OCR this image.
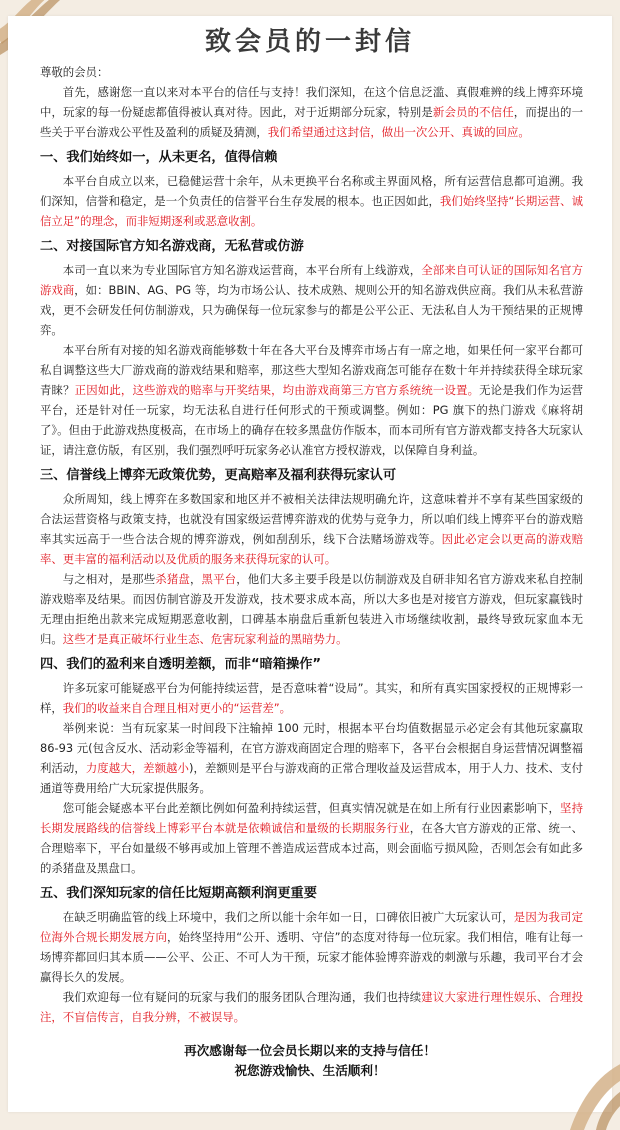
致会员的一封信

尊敬的会员：

首先，感谢您一直以来对本平台的信任与支持！我们深知，在这个信息泛滥、真假难辨的线上博弈环境中，玩家的每一份疑虑都值得被认真对待。因此，对于近期部分玩家，特别是新会员的不信任，而提出的一些关于平台游戏公平性及盈利的质疑及猜测，我们希望通过这封信，做出一次公开、真诚的回应。

一、我们始终如一，从未更名，值得信赖

本平台自成立以来，已稳健运营十余年，从未更换平台名称或主界面风格，所有运营信息都可追溯。我们深知，信誉和稳定，是一个负责任的信誉平台生存发展的根本。也正因如此，我们始终坚持“长期运营、诚信立足”的理念，而非短期逐利或恶意收割。

二、对接国际官方知名游戏商，无私营或仿游

本司一直以来为专业国际官方知名游戏运营商，本平台所有上线游戏，全部来自可认证的国际知名官方游戏商，如：BBIN、AG、PG 等，均为市场公认、技术成熟、规则公开的知名游戏供应商。我们从未私营游戏，更不会研发任何仿制游戏，只为确保每一位玩家参与的都是公平公正、无法私自人为干预结果的正规博弈。

本平台所有对接的知名游戏商能够数十年在各大平台及博弈市场占有一席之地，如果任何一家平台都可私自调整这些大厂游戏商的游戏结果和赔率，那这些大型知名游戏商怎可能存在数十年并持续获得全球玩家青睐？正因如此，这些游戏的赔率与开奖结果，均由游戏商第三方官方系统统一设置。无论是我们作为运营平台，还是针对任一玩家，均无法私自进行任何形式的干预或调整。例如：PG 旗下的热门游戏《麻将胡了》。但由于此游戏热度极高，在市场上的确存在较多黑盘仿作版本，而本司所有官方游戏都支持各大玩家认证，请注意仿版，有区别，我们强烈呼吁玩家务必认准官方授权游戏，以保障自身利益。

三、信誉线上博弈无政策优势，更高赔率及福利获得玩家认可

众所周知，线上博弈在多数国家和地区并不被相关法律法规明确允许，这意味着并不享有某些国家级的合法运营资格与政策支持，也就没有国家级运营博弈游戏的优势与竞争力，所以咱们线上博弈平台的游戏赔率其实远高于一些合法合规的博弈游戏，例如刮刮乐，线下合法赌场游戏等。因此必定会以更高的游戏赔率、更丰富的福利活动以及优质的服务来获得玩家的认可。

与之相对，是那些杀猪盘，黑平台，他们大多主要手段是以仿制游戏及自研非知名官方游戏来私自控制游戏赔率及结果。而因仿制官游及开发游戏，技术要求成本高，所以大多也是对接官方游戏，但玩家赢钱时无理由拒绝出款来完成短期恶意收割，口碑基本崩盘后重新包装进入市场继续收割，最终导致玩家血本无归。这些才是真正破坏行业生态、危害玩家利益的黑暗势力。

四、我们的盈利来自透明差额，而非“暗箱操作”

许多玩家可能疑惑平台为何能持续运营，是否意味着“设局”。其实，和所有真实国家授权的正规博彩一样，我们的收益来自合理且相对更小的“运营差”。

举例来说：当有玩家某一时间段下注输掉 100 元时，根据本平台均值数据显示必定会有其他玩家赢取 86-93 元(包含反水、活动彩金等福利，在官方游戏商固定合理的赔率下，各平台会根据自身运营情况调整福利活动，力度越大，差额越小)，差额则是平台与游戏商的正常合理收益及运营成本，用于人力、技术、支付通道等费用给广大玩家提供服务。

您可能会疑惑本平台此差额比例如何盈利持续运营，但真实情况就是在如上所有行业因素影响下，坚持长期发展路线的信誉线上博彩平台本就是依赖诚信和量级的长期服务行业，在各大官方游戏的正常、统一、合理赔率下，平台如量级不够再或加上管理不善造成运营成本过高，则会面临亏损风险，否则怎会有如此多的杀猪盘及黑盘口。

五、我们深知玩家的信任比短期高额利润更重要

在缺乏明确监管的线上环境中，我们之所以能十余年如一日，口碑依旧被广大玩家认可，是因为我司定位海外合规长期发展方向，始终坚持用“公开、透明、守信”的态度对待每一位玩家。我们相信，唯有让每一场博弈都回归其本质——公平、公正、不可人为干预，玩家才能体验博弈游戏的刺激与乐趣，我司平台才会赢得长久的发展。

我们欢迎每一位有疑问的玩家与我们的服务团队合理沟通，我们也持续建议大家进行理性娱乐、合理投注，不盲信传言，自我分辨，不被误导。

再次感谢每一位会员长期以来的支持与信任！
祝您游戏愉快、生活顺利！
